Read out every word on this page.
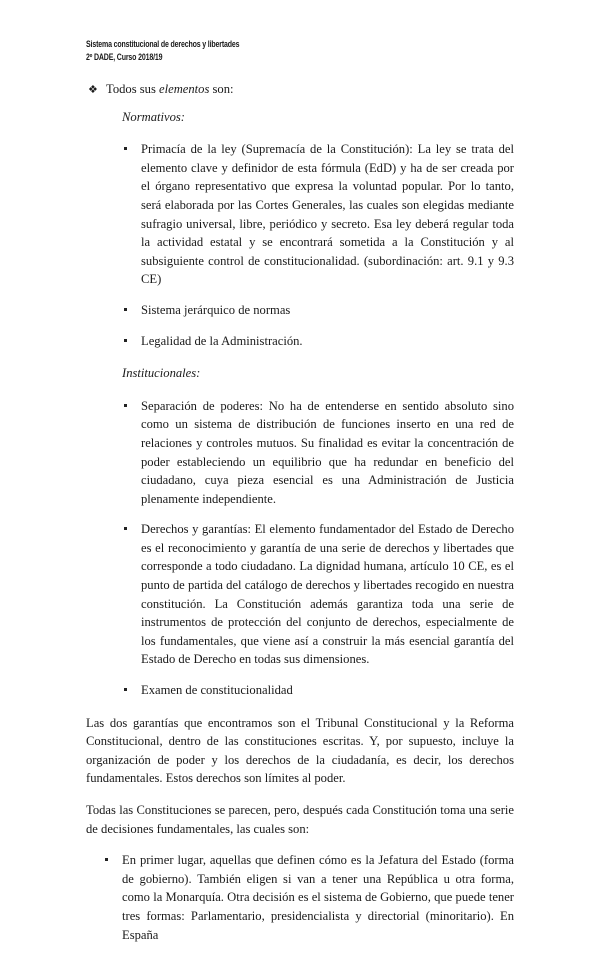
Sistema constitucional de derechos y libertades
2º DADE, Curso 2018/19
❖ Todos sus elementos son:
Normativos:
Primacía de la ley (Supremacía de la Constitución): La ley se trata del elemento clave y definidor de esta fórmula (EdD) y ha de ser creada por el órgano representativo que expresa la voluntad popular. Por lo tanto, será elaborada por las Cortes Generales, las cuales son elegidas mediante sufragio universal, libre, periódico y secreto. Esa ley deberá regular toda la actividad estatal y se encontrará sometida a la Constitución y al subsiguiente control de constitucionalidad. (subordinación: art. 9.1 y 9.3 CE)
Sistema jerárquico de normas
Legalidad de la Administración.
Institucionales:
Separación de poderes: No ha de entenderse en sentido absoluto sino como un sistema de distribución de funciones inserto en una red de relaciones y controles mutuos. Su finalidad es evitar la concentración de poder estableciendo un equilibrio que ha redundar en beneficio del ciudadano, cuya pieza esencial es una Administración de Justicia plenamente independiente.
Derechos y garantías: El elemento fundamentador del Estado de Derecho es el reconocimiento y garantía de una serie de derechos y libertades que corresponde a todo ciudadano. La dignidad humana, artículo 10 CE, es el punto de partida del catálogo de derechos y libertades recogido en nuestra constitución. La Constitución además garantiza toda una serie de instrumentos de protección del conjunto de derechos, especialmente de los fundamentales, que viene así a construir la más esencial garantía del Estado de Derecho en todas sus dimensiones.
Examen de constitucionalidad

Las dos garantías que encontramos son el Tribunal Constitucional y la Reforma Constitucional, dentro de las constituciones escritas. Y, por supuesto, incluye la organización de poder y los derechos de la ciudadanía, es decir, los derechos fundamentales. Estos derechos son límites al poder.

Todas las Constituciones se parecen, pero, después cada Constitución toma una serie de decisiones fundamentales, las cuales son:

En primer lugar, aquellas que definen cómo es la Jefatura del Estado (forma de gobierno). También eligen si van a tener una República u otra forma, como la Monarquía. Otra decisión es el sistema de Gobierno, que puede tener tres formas: Parlamentario, presidencialista y directorial (minoritario). En España
